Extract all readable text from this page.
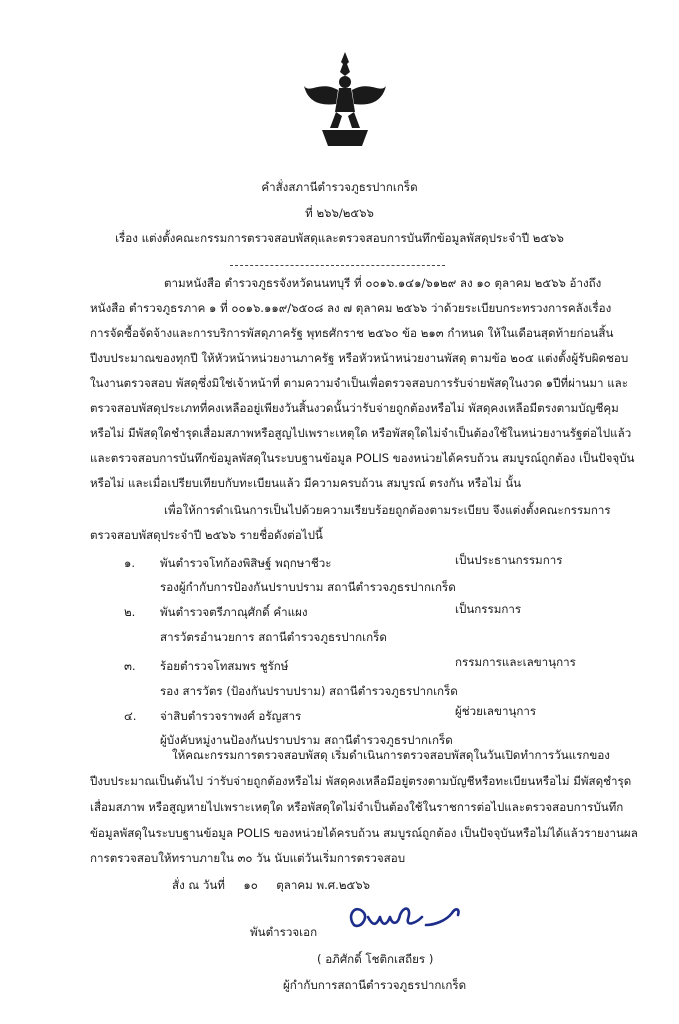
คำสั่งสภานีตำรวจภูธรปากเกร็ด
ที่ ๒๖๖/๒๕๖๖
เรื่อง แต่งตั้งคณะกรรมการตรวจสอบพัสดุและตรวจสอบการบันทึกข้อมูลพัสดุประจำปี ๒๕๖๖
ตามหนังสือ ตำรวจภูธรจังหวัดนนทบุรี ที่ ๐๐๑๖.๑๔๑/๖๑๒๙ ลง ๑๐ ตุลาคม ๒๕๖๖ อ้างถึง
หนังสือ ตำรวจภูธรภาค ๑ ที่ ๐๐๑๖.๑๑๙/๖๕๐๘ ลง ๗ ตุลาคม ๒๕๖๖ ว่าด้วยระเบียบกระทรวงการคลังเรื่อง
การจัดซื้อจัดจ้างและการบริการพัสดุภาครัฐ พุทธศักราช ๒๕๖๐ ข้อ ๒๑๓ กำหนด ให้ในเดือนสุดท้ายก่อนสิ้น
ปีงบประมาณของทุกปี ให้หัวหน้าหน่วยงานภาครัฐ หรือหัวหน้าหน่วยงานพัสดุ ตามข้อ ๒๐๕ แต่งตั้งผู้รับผิดชอบ
ในงานตรวจสอบ พัสดุซึ่งมิใช่เจ้าหน้าที่ ตามความจำเป็นเพื่อตรวจสอบการรับจ่ายพัสดุในงวด ๑ปีที่ผ่านมา และ
ตรวจสอบพัสดุประเภทที่คงเหลืออยู่เพียงวันสิ้นงวดนั้นว่ารับจ่ายถูกต้องหรือไม่ พัสดุคงเหลือมีตรงตามบัญชีคุม
หรือไม่ มีพัสดุใดชำรุดเสื่อมสภาพหรือสูญไปเพราะเหตุใด หรือพัสดุใดไม่จำเป็นต้องใช้ในหน่วยงานรัฐต่อไปแล้ว
และตรวจสอบการบันทึกข้อมูลพัสดุในระบบฐานข้อมูล POLIS ของหน่วยได้ครบถ้วน สมบูรณ์ถูกต้อง เป็นปัจจุบัน
หรือไม่ และเมื่อเปรียบเทียบกับทะเบียนแล้ว มีความครบถ้วน สมบูรณ์ ตรงกัน หรือไม่ นั้น
เพื่อให้การดำเนินการเป็นไปด้วยความเรียบร้อยถูกต้องตามระเบียบ จึงแต่งตั้งคณะกรรมการ
ตรวจสอบพัสดุประจำปี ๒๕๖๖ รายชื่อดังต่อไปนี้
๑. พันตำรวจโทก้องพิสิษฐ์ พฤกษาชีวะ	เป็นประธานกรรมการ
รองผู้กำกับการป้องกันปราบปราม สถานีตำรวจภูธรปากเกร็ด
๒. พันตำรวจตรีภาณุศักดิ์ คำแผง	เป็นกรรมการ
สารวัตรอำนวยการ สถานีตำรวจภูธรปากเกร็ด
๓. ร้อยตำรวจโทสมพร ชูรักษ์	กรรมการและเลขานุการ
รอง สารวัตร (ป้องกันปราบปราม) สถานีตำรวจภูธรปากเกร็ด
๔. จ่าสิบตำรวจราพงศ์ อรัญสาร	ผู้ช่วยเลขานุการ
ผู้บังคับหมู่งานป้องกันปราบปราม สถานีตำรวจภูธรปากเกร็ด
ให้คณะกรรมการตรวจสอบพัสดุ เริ่มดำเนินการตรวจสอบพัสดุในวันเปิดทำการวันแรกของ
ปีงบประมาณเป็นต้นไป ว่ารับจ่ายถูกต้องหรือไม่ พัสดุคงเหลือมีอยู่ตรงตามบัญชีหรือทะเบียนหรือไม่ มีพัสดุชำรุด
เสื่อมสภาพ หรือสูญหายไปเพราะเหตุใด หรือพัสดุใดไม่จำเป็นต้องใช้ในราชการต่อไปและตรวจสอบการบันทึก
ข้อมูลพัสดุในระบบฐานข้อมูล POLIS ของหน่วยได้ครบถ้วน สมบูรณ์ถูกต้อง เป็นปัจจุบันหรือไม่ได้แล้วรายงานผล
การตรวจสอบให้ทราบภายใน ๓๐ วัน นับแต่วันเริ่มการตรวจสอบ
สั่ง ณ วันที่     ๑๐     ตุลาคม พ.ศ.๒๕๖๖
พันตำรวจเอก
( อภิศักดิ์ โชติกเสถียร )
ผู้กำกับการสถานีตำรวจภูธรปากเกร็ด
